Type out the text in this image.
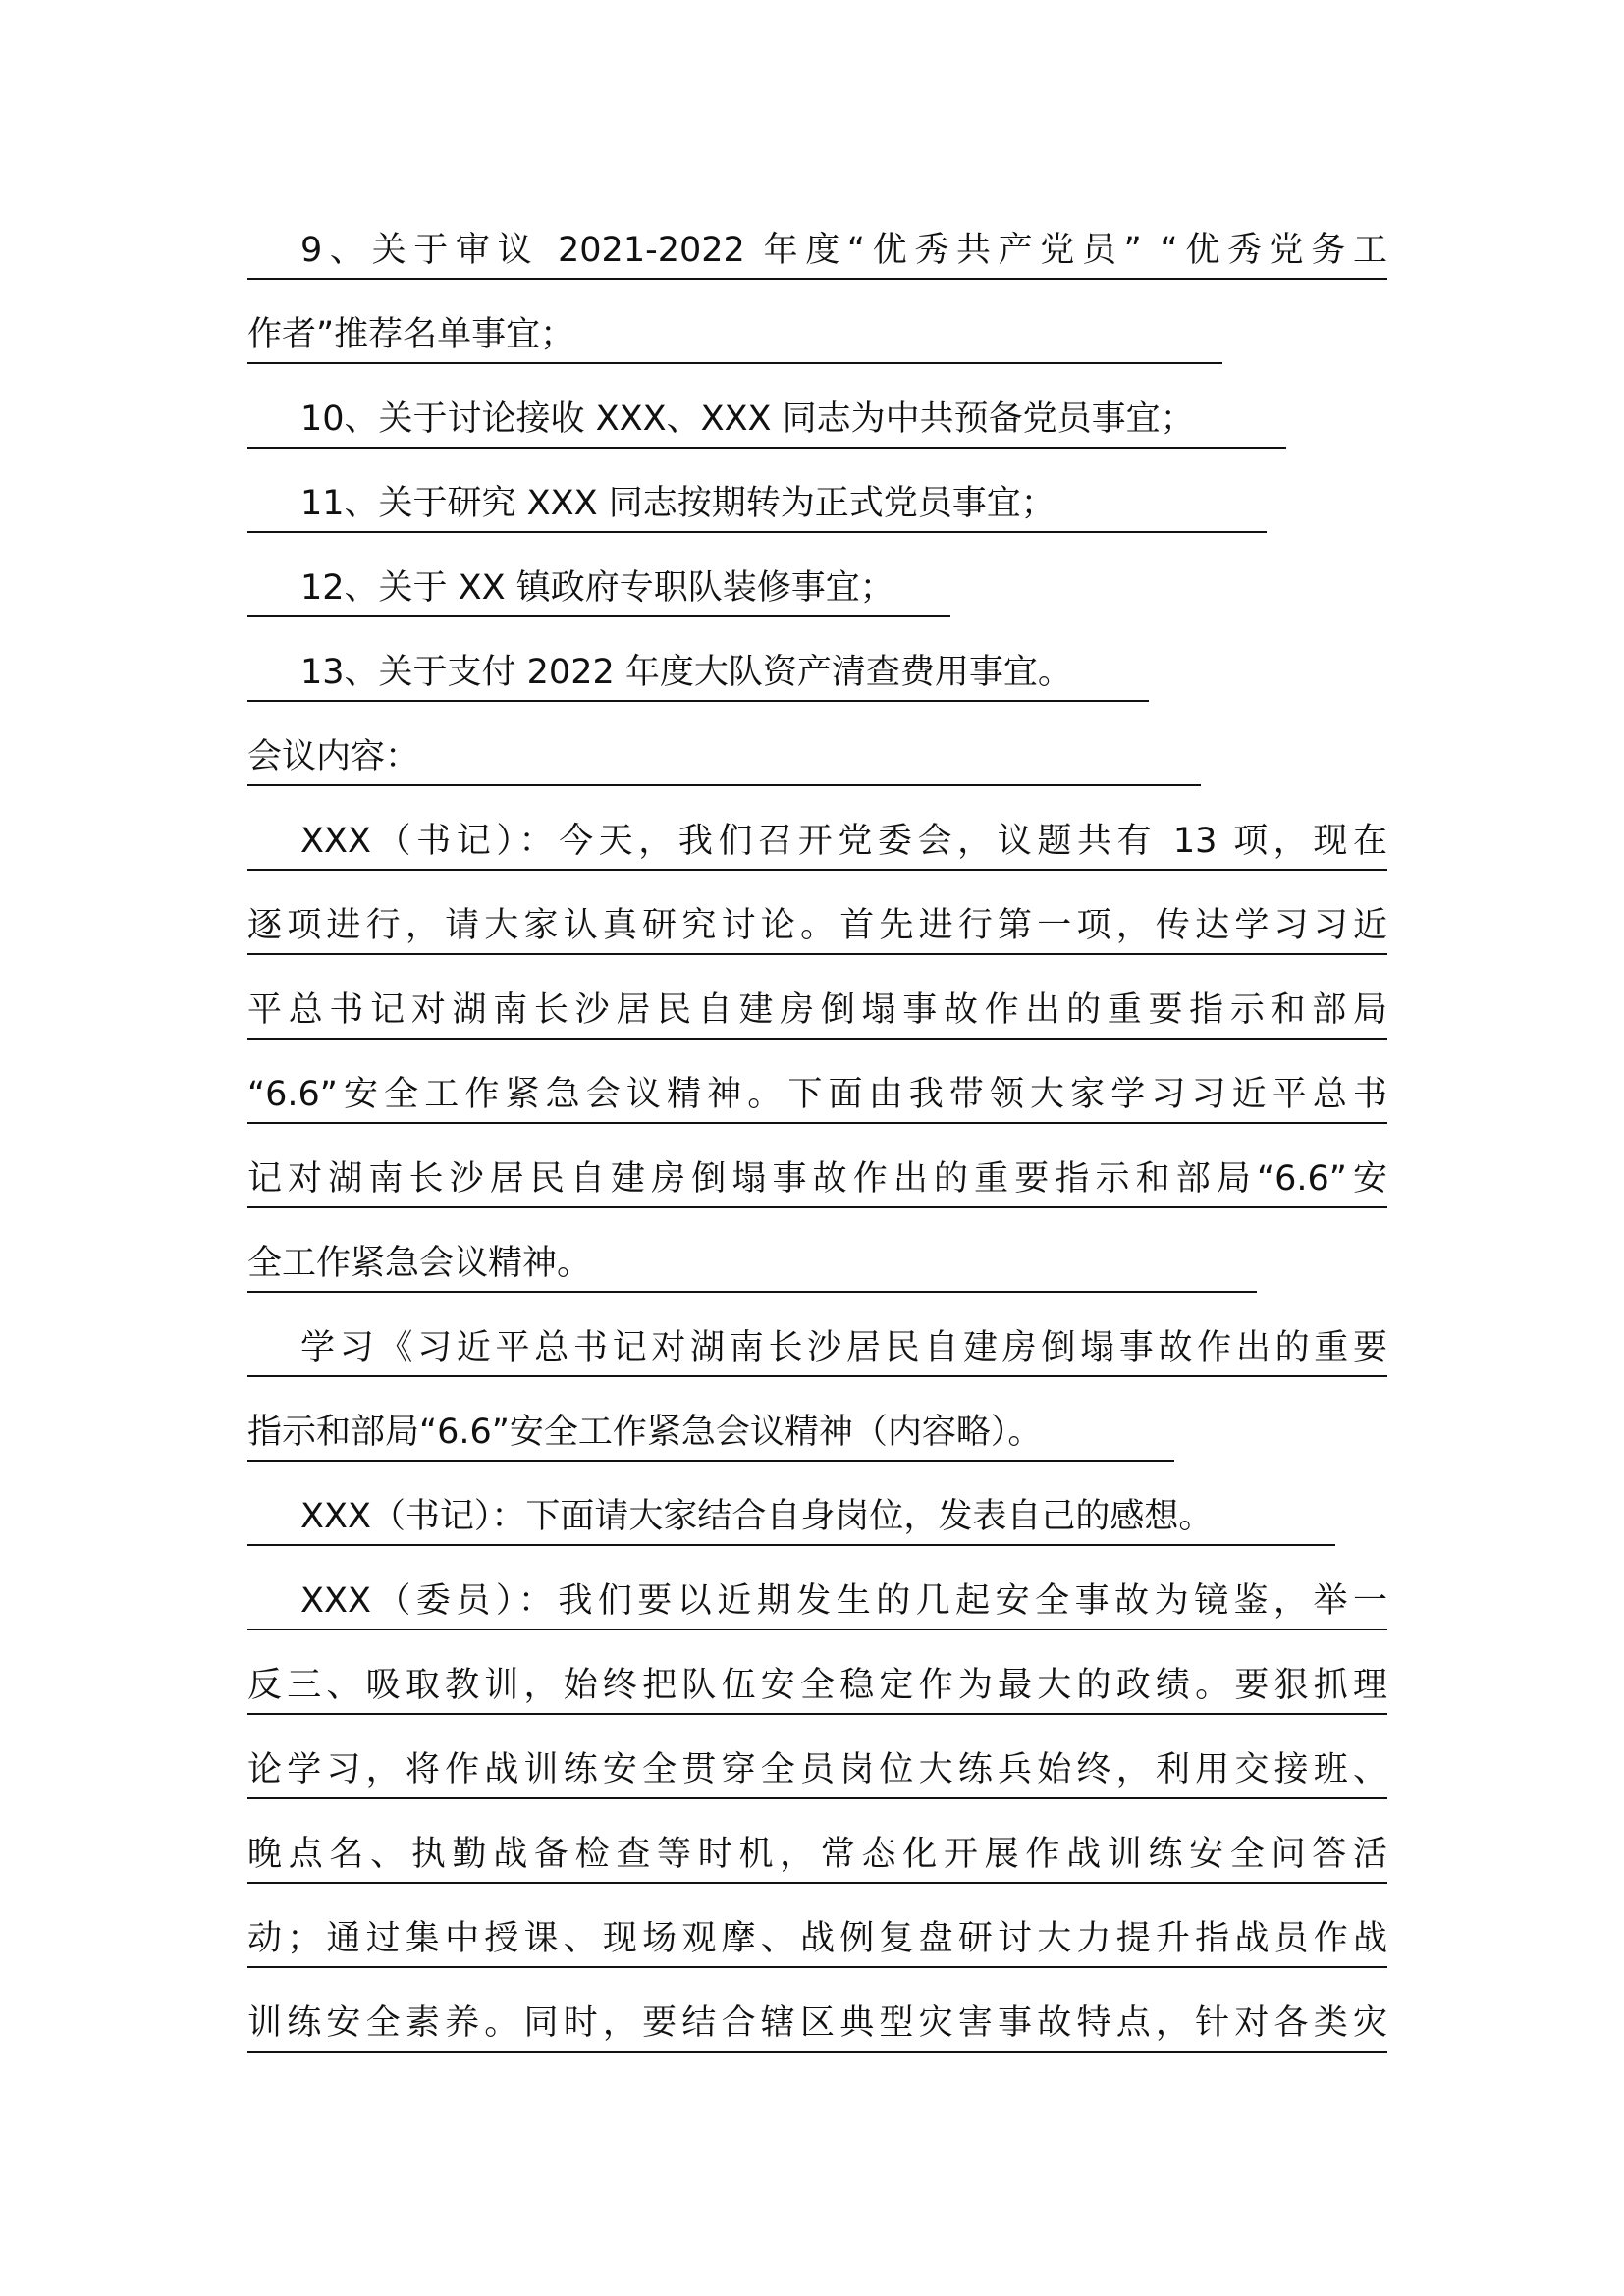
9、关于审议 2021-2022 年度“优秀共产党员” “优秀党务工
作者”推荐名单事宜；
10、关于讨论接收 XXX、XXX 同志为中共预备党员事宜；
11、关于研究 XXX 同志按期转为正式党员事宜；
12、关于 XX 镇政府专职队装修事宜；
13、关于支付 2022 年度大队资产清查费用事宜。
会议内容：
XXX（书记）：今天，我们召开党委会，议题共有 13 项，现在
逐项进行，请大家认真研究讨论。首先进行第一项，传达学习习近
平总书记对湖南长沙居民自建房倒塌事故作出的重要指示和部局
“6.6”安全工作紧急会议精神。下面由我带领大家学习习近平总书
记对湖南长沙居民自建房倒塌事故作出的重要指示和部局“6.6”安
全工作紧急会议精神。
学习《习近平总书记对湖南长沙居民自建房倒塌事故作出的重要
指示和部局“6.6”安全工作紧急会议精神（内容略）。
XXX（书记）：下面请大家结合自身岗位，发表自己的感想。
XXX（委员）：我们要以近期发生的几起安全事故为镜鉴，举一
反三、吸取教训，始终把队伍安全稳定作为最大的政绩。要狠抓理
论学习，将作战训练安全贯穿全员岗位大练兵始终，利用交接班、
晚点名、执勤战备检查等时机，常态化开展作战训练安全问答活
动；通过集中授课、现场观摩、战例复盘研讨大力提升指战员作战
训练安全素养。同时，要结合辖区典型灾害事故特点，针对各类灾
